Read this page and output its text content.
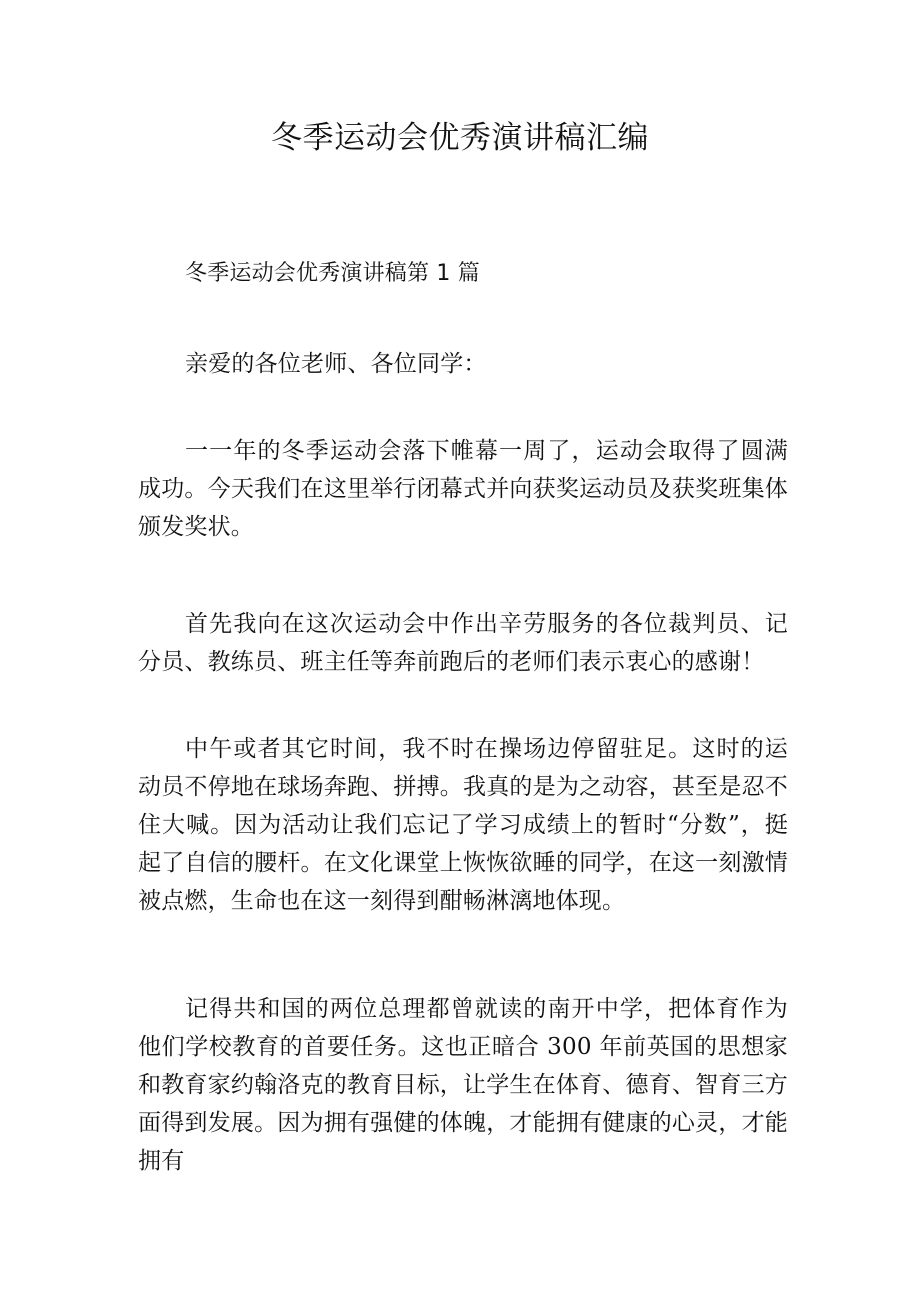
冬季运动会优秀演讲稿汇编

冬季运动会优秀演讲稿第 1 篇

亲爱的各位老师、各位同学：

一一年的冬季运动会落下帷幕一周了，运动会取得了圆满成功。今天我们在这里举行闭幕式并向获奖运动员及获奖班集体颁发奖状。

首先我向在这次运动会中作出辛劳服务的各位裁判员、记分员、教练员、班主任等奔前跑后的老师们表示衷心的感谢！

中午或者其它时间，我不时在操场边停留驻足。这时的运动员不停地在球场奔跑、拼搏。我真的是为之动容，甚至是忍不住大喊。因为活动让我们忘记了学习成绩上的暂时“分数”，挺起了自信的腰杆。在文化课堂上恢恢欲睡的同学，在这一刻激情被点燃，生命也在这一刻得到酣畅淋漓地体现。

记得共和国的两位总理都曾就读的南开中学，把体育作为他们学校教育的首要任务。这也正暗合 300 年前英国的思想家和教育家约翰洛克的教育目标，让学生在体育、德育、智育三方面得到发展。因为拥有强健的体魄，才能拥有健康的心灵，才能拥有
